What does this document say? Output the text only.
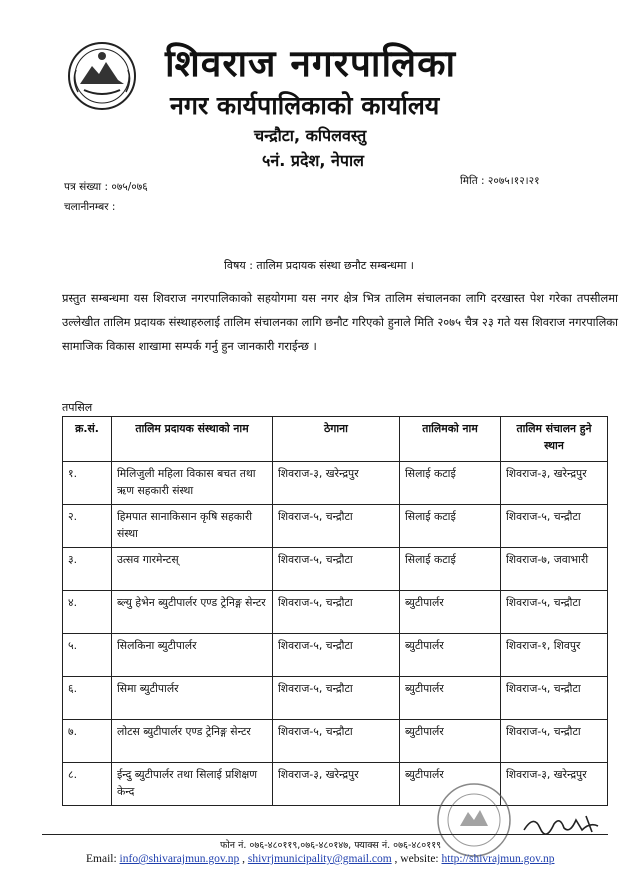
शिवराज नगरपालिका
नगर कार्यपालिकाको कार्यालय
चन्द्रौटा, कपिलवस्तु
५नं. प्रदेश, नेपाल
पत्र संख्या : ०७५/०७६
चलानीनम्बर :
मिति : २०७५।१२।२१
विषय : तालिम प्रदायक संस्था छनौट सम्बन्धमा ।
प्रस्तुत सम्बन्धमा यस शिवराज नगरपालिकाको सहयोगमा यस नगर क्षेत्र भित्र तालिम संचालनका लागि दरखास्त पेश गरेका तपसीलमा उल्लेखीत तालिम प्रदायक संस्थाहरुलाई तालिम संचालनका लागि छनौट गरिएको हुनाले मिति २०७५ चैत्र २३ गते यस शिवराज नगरपालिका सामाजिक विकास शाखामा सम्पर्क गर्नु हुन जानकारी गराईन्छ ।
तपसिल
क्र.सं.	तालिम प्रदायक संस्थाको नाम	ठेगाना	तालिमको नाम	तालिम संचालन हुने स्थान
१.	मिलिजुली महिला विकास बचत तथा ऋण सहकारी संस्था	शिवराज-३, खरेन्द्रपुर	सिलाई कटाई	शिवराज-३, खरेन्द्रपुर
२.	हिमपात सानाकिसान कृषि सहकारी संस्था	शिवराज-५, चन्द्रौटा	सिलाई कटाई	शिवराज-५, चन्द्रौटा
३.	उत्सव गारमेन्टस्	शिवराज-५, चन्द्रौटा	सिलाई कटाई	शिवराज-७, जवाभारी
४.	ब्ल्यु हेभेन ब्युटीपार्लर एण्ड ट्रेनिङ्ग सेन्टर	शिवराज-५, चन्द्रौटा	ब्युटीपार्लर	शिवराज-५, चन्द्रौटा
५.	सिलकिना ब्युटीपार्लर	शिवराज-५, चन्द्रौटा	ब्युटीपार्लर	शिवराज-१, शिवपुर
६.	सिमा ब्युटीपार्लर	शिवराज-५, चन्द्रौटा	ब्युटीपार्लर	शिवराज-५, चन्द्रौटा
७.	लोटस ब्युटीपार्लर एण्ड ट्रेनिङ्ग सेन्टर	शिवराज-५, चन्द्रौटा	ब्युटीपार्लर	शिवराज-५, चन्द्रौटा
८.	ईन्दु ब्युटीपार्लर तथा सिलाई प्रशिक्षण केन्द	शिवराज-३, खरेन्द्रपुर	ब्युटीपार्लर	शिवराज-३, खरेन्द्रपुर
फोन नं. ०७६-४८०११९,०७६-४८०१४७, फ्याक्स नं. ०७६-४८०११९
Email: info@shivarajmun.gov.np , shivrjmunicipality@gmail.com , website: http://shivrajmun.gov.np
